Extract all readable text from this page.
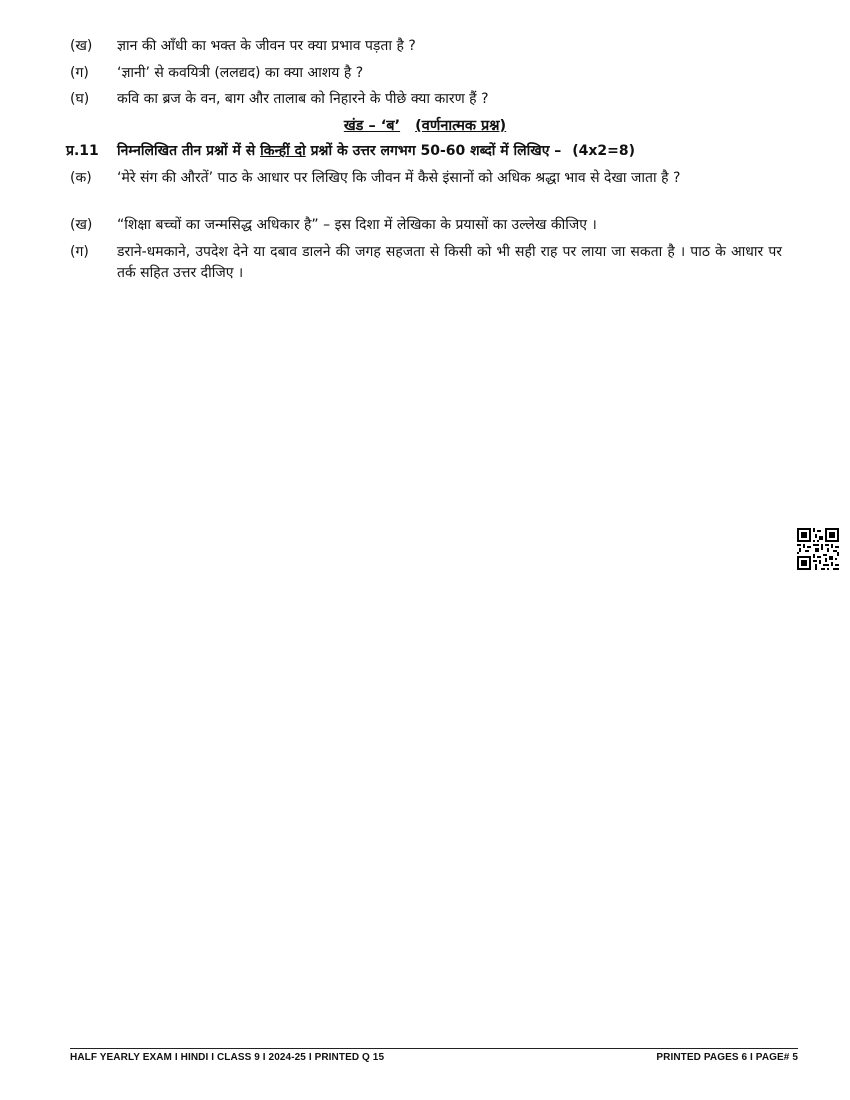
(ख)	ज्ञान की आँधी का भक्त के जीवन पर क्या प्रभाव पड़ता है ?
(ग)	‘ज्ञानी’ से कवयित्री (ललद्यद) का क्या आशय है ?
(घ)	कवि का ब्रज के वन, बाग और तालाब को निहारने के पीछे क्या कारण हैं ?
खंड – ‘ब’ (वर्णनात्मक प्रश्न)
प्र.11	निम्नलिखित तीन प्रश्नों में से किन्हीं दो प्रश्नों के उत्तर लगभग 50-60 शब्दों में लिखिए – (4x2=8)
(क)	‘मेरे संग की औरतें’ पाठ के आधार पर लिखिए कि जीवन में कैसे इंसानों को अधिक श्रद्धा भाव से देखा जाता है ?
(ख)	“शिक्षा बच्चों का जन्मसिद्ध अधिकार है” – इस दिशा में लेखिका के प्रयासों का उल्लेख कीजिए ।
(ग)	डराने-धमकाने, उपदेश देने या दबाव डालने की जगह सहजता से किसी को भी सही राह पर लाया जा सकता है । पाठ के आधार पर तर्क सहित उत्तर दीजिए ।
HALF YEARLY EXAM I HINDI I CLASS 9 I 2024-25 I PRINTED Q 15	PRINTED PAGES 6 I PAGE# 5
